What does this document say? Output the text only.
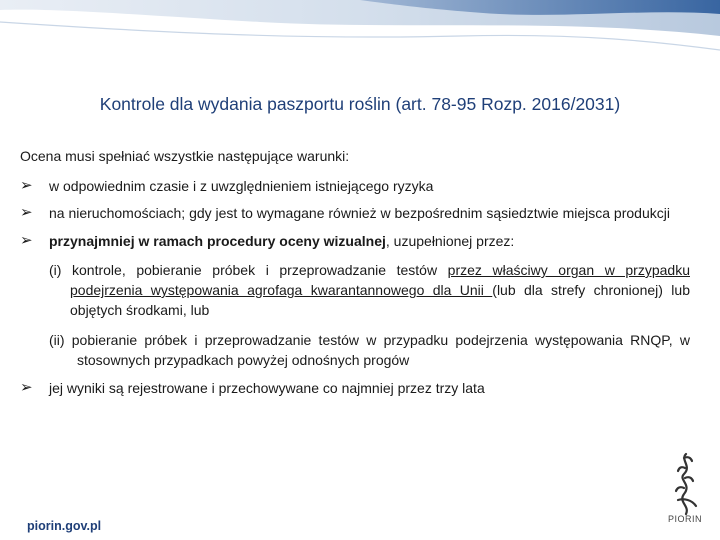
Kontrole dla wydania paszportu roślin (art. 78-95 Rozp. 2016/2031)

Ocena musi spełniać wszystkie następujące warunki:

➢ w odpowiednim czasie i z uwzględnieniem istniejącego ryzyka
➢ na nieruchomościach; gdy jest to wymagane również w bezpośrednim sąsiedztwie miejsca produkcji
➢ przynajmniej w ramach procedury oceny wizualnej, uzupełnionej przez:

(i) kontrole, pobieranie próbek i przeprowadzanie testów przez właściwy organ w przypadku podejrzenia występowania agrofaga kwarantannowego dla Unii (lub dla strefy chronionej) lub objętych środkami, lub

(ii) pobieranie próbek i przeprowadzanie testów w przypadku podejrzenia występowania RNQP, w stosownych przypadkach powyżej odnośnych progów

➢ jej wyniki są rejestrowane i przechowywane co najmniej przez trzy lata
piorin.gov.pl	PIORIN
